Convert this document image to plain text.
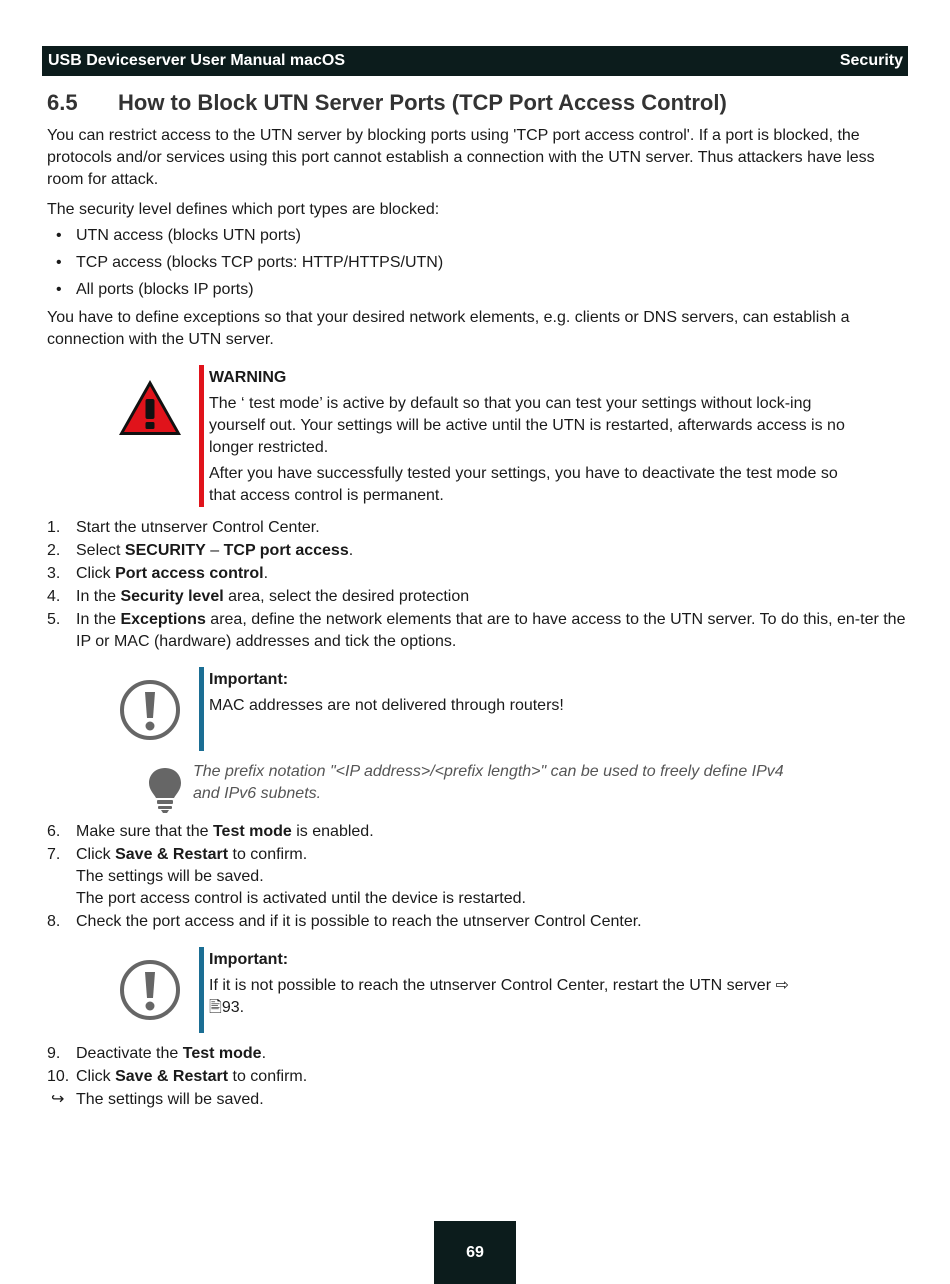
USB Deviceserver User Manual macOS	Security
6.5	How to Block UTN Server Ports (TCP Port Access Control)

You can restrict access to the UTN server by blocking ports using 'TCP port access control'. If a port is blocked, the protocols and/or services using this port cannot establish a connection with the UTN server. Thus attackers have less room for attack.

The security level defines which port types are blocked:

• UTN access (blocks UTN ports)
• TCP access (blocks TCP ports: HTTP/HTTPS/UTN)
• All ports (blocks IP ports)

You have to define exceptions so that your desired network elements, e.g. clients or DNS servers, can establish a connection with the UTN server.

WARNING

The ‘ test mode’ is active by default so that you can test your settings without lock-ing yourself out. Your settings will be active until the UTN is restarted, afterwards access is no longer restricted.

After you have successfully tested your settings, you have to deactivate the test mode so that access control is permanent.

1. Start the utnserver Control Center.
2. Select SECURITY – TCP port access.
3. Click Port access control.
4. In the Security level area, select the desired protection
5. In the Exceptions area, define the network elements that are to have access to the UTN server. To do this, en-ter the IP or MAC (hardware) addresses and tick the options.
Important:

MAC addresses are not delivered through routers!

The prefix notation "<IP address>/<prefix length>" can be used to freely define IPv4 and IPv6 subnets.
6. Make sure that the Test mode is enabled.
7. Click Save & Restart to confirm.
The settings will be saved.
The port access control is activated until the device is restarted.
8. Check the port access and if it is possible to reach the utnserver Control Center.
Important:

If it is not possible to reach the utnserver Control Center, restart the UTN server ⇨
🖹93.

9. Deactivate the Test mode.
10. Click Save & Restart to confirm.
↪ The settings will be saved.
69
